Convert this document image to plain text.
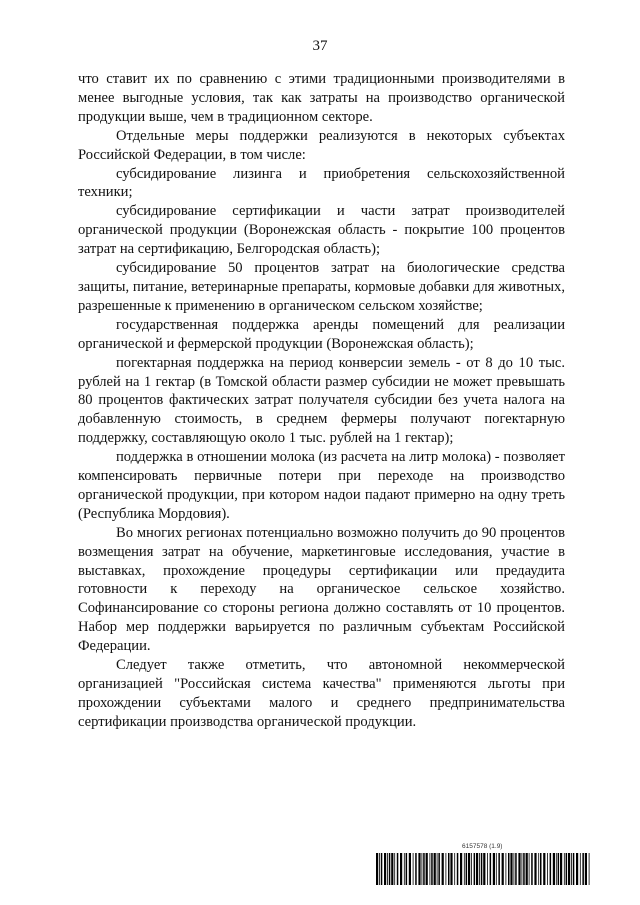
37

что ставит их по сравнению с этими традиционными производителями в менее выгодные условия, так как затраты на производство органической продукции выше, чем в традиционном секторе.

Отдельные меры поддержки реализуются в некоторых субъектах Российской Федерации, в том числе:

субсидирование лизинга и приобретения сельскохозяйственной техники;

субсидирование сертификации и части затрат производителей органической продукции (Воронежская область - покрытие 100 процентов затрат на сертификацию, Белгородская область);

субсидирование 50 процентов затрат на биологические средства защиты, питание, ветеринарные препараты, кормовые добавки для животных, разрешенные к применению в органическом сельском хозяйстве;

государственная поддержка аренды помещений для реализации органической и фермерской продукции (Воронежская область);

погектарная поддержка на период конверсии земель - от 8 до 10 тыс. рублей на 1 гектар (в Томской области размер субсидии не может превышать 80 процентов фактических затрат получателя субсидии без учета налога на добавленную стоимость, в среднем фермеры получают погектарную поддержку, составляющую около 1 тыс. рублей на 1 гектар);

поддержка в отношении молока (из расчета на литр молока) - позволяет компенсировать первичные потери при переходе на производство органической продукции, при котором надои падают примерно на одну треть (Республика Мордовия).

Во многих регионах потенциально возможно получить до 90 процентов возмещения затрат на обучение, маркетинговые исследования, участие в выставках, прохождение процедуры сертификации или предаудита готовности к переходу на органическое сельское хозяйство. Софинансирование со стороны региона должно составлять от 10 процентов. Набор мер поддержки варьируется по различным субъектам Российской Федерации.

Следует также отметить, что автономной некоммерческой организацией "Российская система качества" применяются льготы при прохождении субъектами малого и среднего предпринимательства сертификации производства органической продукции.

6157578 (1.9)
